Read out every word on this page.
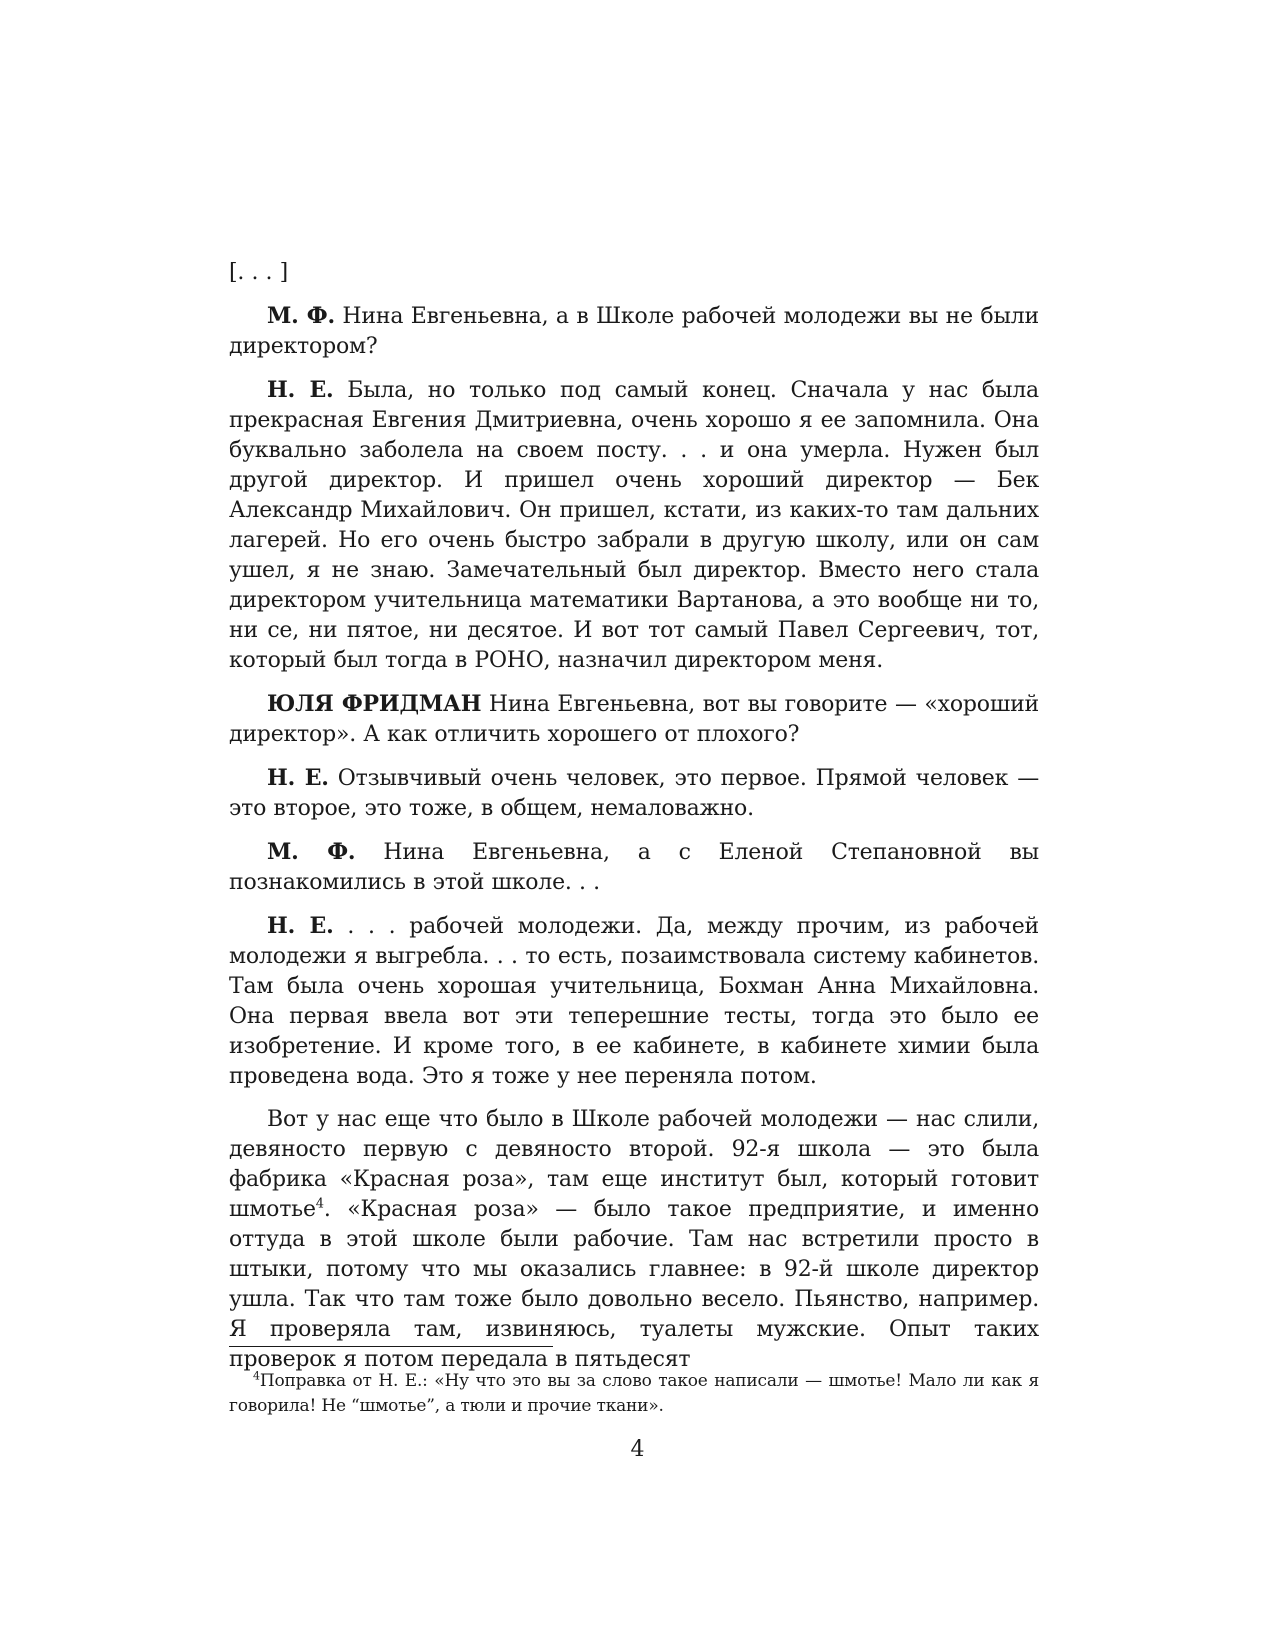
[. . . ]

М. Ф. Нина Евгеньевна, а в Школе рабочей молодежи вы не были директором?

Н. Е. Была, но только под самый конец. Сначала у нас была прекрасная Евгения Дмитриевна, очень хорошо я ее запомнила. Она буквально заболела на своем посту. . . и она умерла. Нужен был другой директор. И пришел очень хороший директор — Бек Александр Михайлович. Он пришел, кстати, из каких-то там дальних лагерей. Но его очень быстро забрали в другую школу, или он сам ушел, я не знаю. Замечательный был директор. Вместо него стала директором учительница математики Вартанова, а это вообще ни то, ни се, ни пятое, ни десятое. И вот тот самый Павел Сергеевич, тот, который был тогда в РОНО, назначил директором меня.

ЮЛЯ ФРИДМАН Нина Евгеньевна, вот вы говорите — «хороший директор». А как отличить хорошего от плохого?

Н. Е. Отзывчивый очень человек, это первое. Прямой человек — это второе, это тоже, в общем, немаловажно.

М. Ф. Нина Евгеньевна, а с Еленой Степановной вы познакомились в этой школе. . .

Н. Е. . . . рабочей молодежи. Да, между прочим, из рабочей молодежи я выгребла. . . то есть, позаимствовала систему кабинетов. Там была очень хорошая учительница, Бохман Анна Михайловна. Она первая ввела вот эти теперешние тесты, тогда это было ее изобретение. И кроме того, в ее кабинете, в кабинете химии была проведена вода. Это я тоже у нее переняла потом.

Вот у нас еще что было в Школе рабочей молодежи — нас слили, девяносто первую с девяносто второй. 92-я школа — это была фабрика «Красная роза», там еще институт был, который готовит шмотье$^4$. «Красная роза» — было такое предприятие, и именно оттуда в этой школе были рабочие. Там нас встретили просто в штыки, потому что мы оказались главнее: в 92-й школе директор ушла. Так что там тоже было довольно весело. Пьянство, например. Я проверяла там, извиняюсь, туалеты мужские. Опыт таких проверок я потом передала в пятьдесят

$^4$Поправка от Н. Е.: «Ну что это вы за слово такое написали — шмотье! Мало ли как я говорила! Не “шмотье”, а тюли и прочие ткани».

4
